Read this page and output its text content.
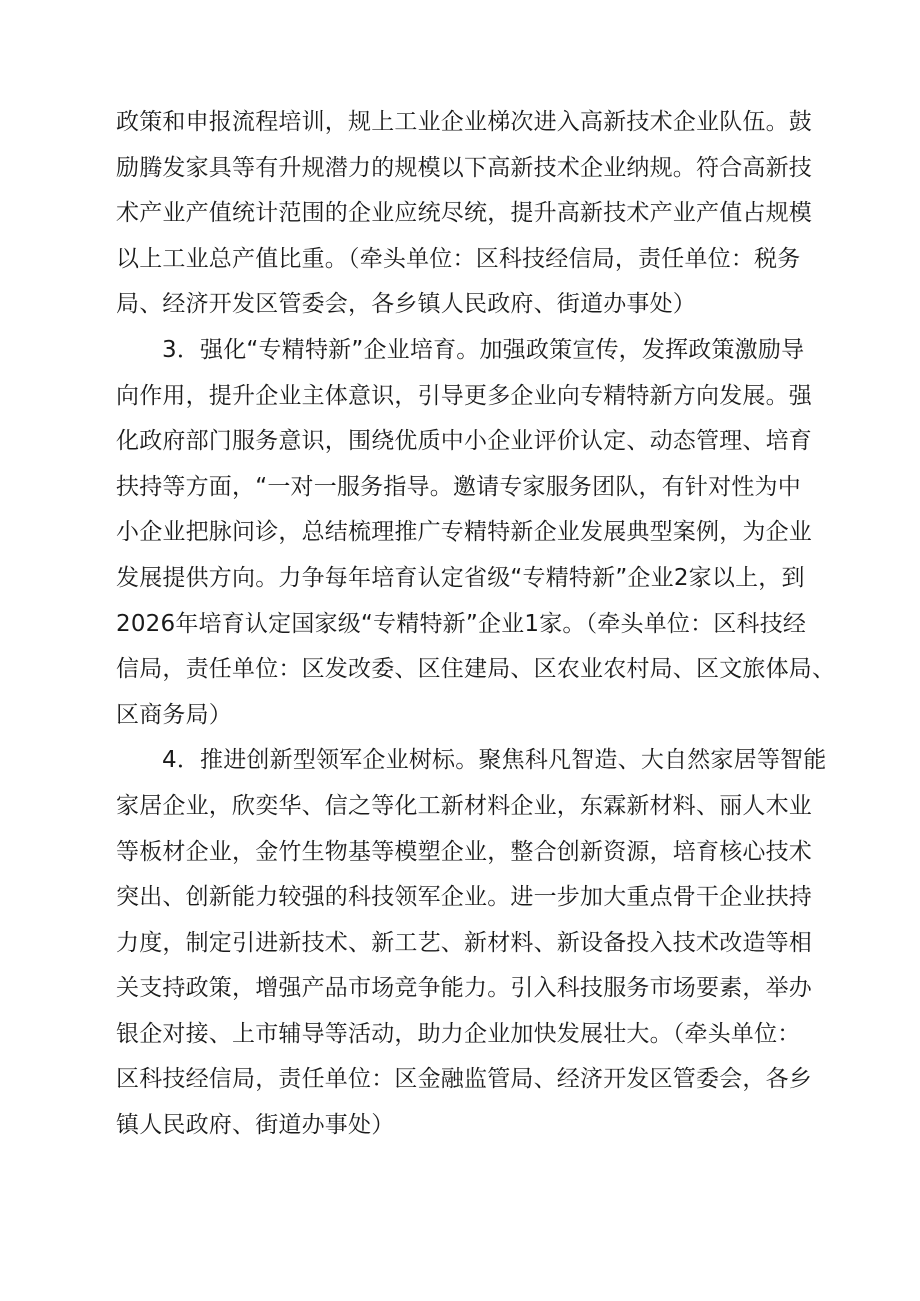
政策和申报流程培训，规上工业企业梯次进入高新技术企业队伍。鼓
励腾发家具等有升规潜力的规模以下高新技术企业纳规。符合高新技
术产业产值统计范围的企业应统尽统，提升高新技术产业产值占规模
以上工业总产值比重。（牵头单位：区科技经信局，责任单位：税务
局、经济开发区管委会，各乡镇人民政府、街道办事处）
3．强化“专精特新”企业培育。加强政策宣传，发挥政策激励导
向作用，提升企业主体意识，引导更多企业向专精特新方向发展。强
化政府部门服务意识，围绕优质中小企业评价认定、动态管理、培育
扶持等方面，“一对一服务指导。邀请专家服务团队，有针对性为中
小企业把脉问诊，总结梳理推广专精特新企业发展典型案例，为企业
发展提供方向。力争每年培育认定省级“专精特新”企业2家以上，到
2026年培育认定国家级“专精特新”企业1家。（牵头单位：区科技经
信局，责任单位：区发改委、区住建局、区农业农村局、区文旅体局、
区商务局）
4．推进创新型领军企业树标。聚焦科凡智造、大自然家居等智能
家居企业，欣奕华、信之等化工新材料企业，东霖新材料、丽人木业
等板材企业，金竹生物基等模塑企业，整合创新资源，培育核心技术
突出、创新能力较强的科技领军企业。进一步加大重点骨干企业扶持
力度，制定引进新技术、新工艺、新材料、新设备投入技术改造等相
关支持政策，增强产品市场竞争能力。引入科技服务市场要素，举办
银企对接、上市辅导等活动，助力企业加快发展壮大。（牵头单位：
区科技经信局，责任单位：区金融监管局、经济开发区管委会，各乡
镇人民政府、街道办事处）
